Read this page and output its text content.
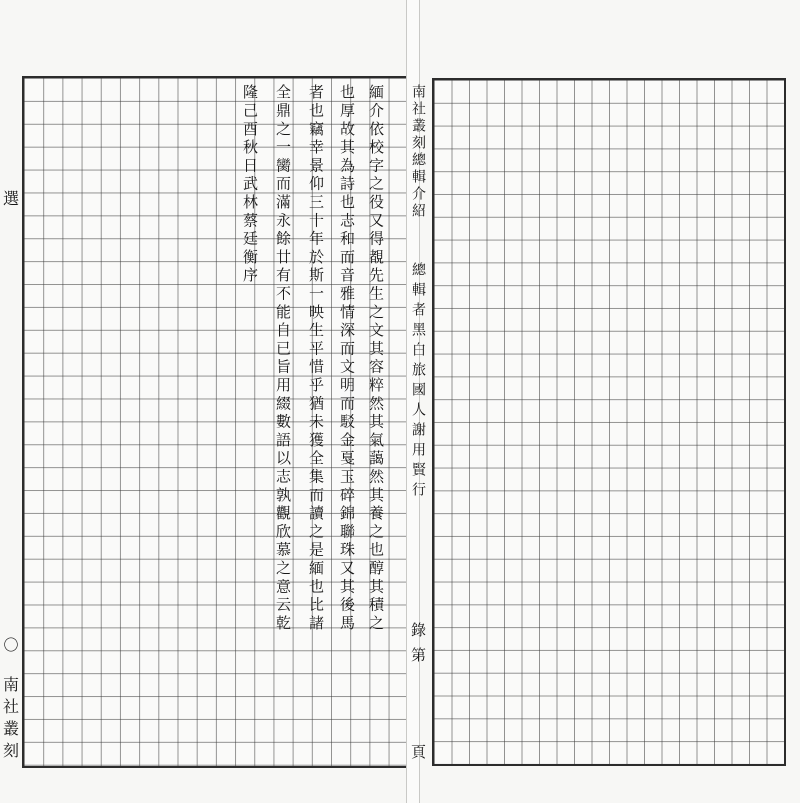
選
〇
南
社
叢
刻
緬介依校字之役又得覩先生之文其容粹然其氣藹然其養之也醇其積之
也厚故其為詩也志和而音雅情深而文明而駁金戛玉碎錦聯珠又其後馬
者也竊幸景仰三十年於斯一映生平惜乎猶未獲全集而讀之是緬也比諸
全鼎之一臠而滿永餘廿有不能自已旨用綴數語以志孰觀欣慕之意云乾
隆己酉秋日武林蔡廷衡序	南社叢刻總輯介紹
總輯者黑白旅國人謝用賢行
錄第
頁
